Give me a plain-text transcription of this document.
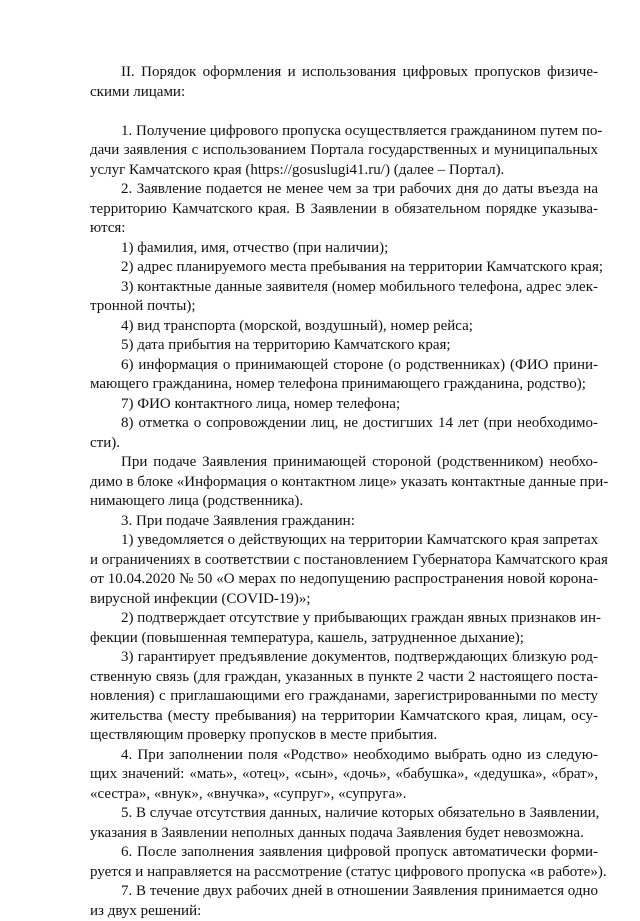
II. Порядок оформления и использования цифровых пропусков физиче-
скими лицами:
1. Получение цифрового пропуска осуществляется гражданином путем по-
дачи заявления с использованием Портала государственных и муниципальных
услуг Камчатского края (https://gosuslugi41.ru/) (далее – Портал).
2. Заявление подается не менее чем за три рабочих дня до даты въезда на
территорию Камчатского края. В Заявлении в обязательном порядке указыва-
ются:
1) фамилия, имя, отчество (при наличии);
2) адрес планируемого места пребывания на территории Камчатского края;
3) контактные данные заявителя (номер мобильного телефона, адрес элек-
тронной почты);
4) вид транспорта (морской, воздушный), номер рейса;
5) дата прибытия на территорию Камчатского края;
6) информация о принимающей стороне (о родственниках) (ФИО прини-
мающего гражданина, номер телефона принимающего гражданина, родство);
7) ФИО контактного лица, номер телефона;
8) отметка о сопровождении лиц, не достигших 14 лет (при необходимо-
сти).
При подаче Заявления принимающей стороной (родственником) необхо-
димо в блоке «Информация о контактном лице» указать контактные данные при-
нимающего лица (родственника).
3. При подаче Заявления гражданин:
1) уведомляется о действующих на территории Камчатского края запретах
и ограничениях в соответствии с постановлением Губернатора Камчатского края
от 10.04.2020 № 50 «О мерах по недопущению распространения новой корона-
вирусной инфекции (COVID-19)»;
2) подтверждает отсутствие у прибывающих граждан явных признаков ин-
фекции (повышенная температура, кашель, затрудненное дыхание);
3) гарантирует предъявление документов, подтверждающих близкую род-
ственную связь (для граждан, указанных в пункте 2 части 2 настоящего поста-
новления) с приглашающими его гражданами, зарегистрированными по месту
жительства (месту пребывания) на территории Камчатского края, лицам, осу-
ществляющим проверку пропусков в месте прибытия.
4. При заполнении поля «Родство» необходимо выбрать одно из следую-
щих значений: «мать», «отец», «сын», «дочь», «бабушка», «дедушка», «брат»,
«сестра», «внук», «внучка», «супруг», «супруга».
5. В случае отсутствия данных, наличие которых обязательно в Заявлении,
указания в Заявлении неполных данных подача Заявления будет невозможна.
6. После заполнения заявления цифровой пропуск автоматически форми-
руется и направляется на рассмотрение (статус цифрового пропуска «в работе»).
7. В течение двух рабочих дней в отношении Заявления принимается одно
из двух решений:
